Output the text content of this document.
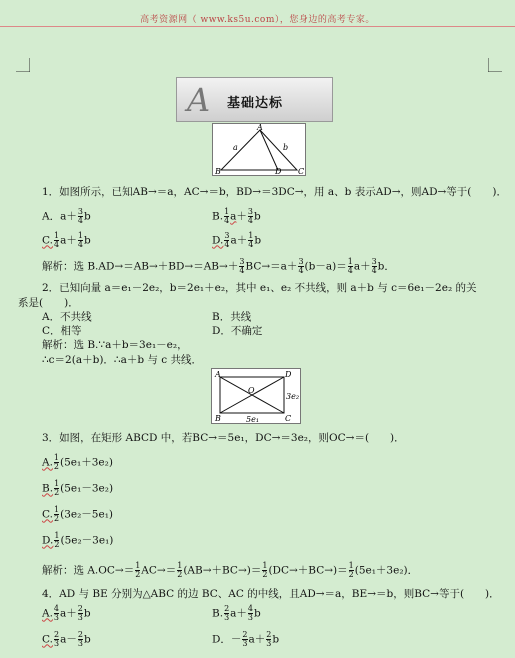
高考资源网（ www.ks5u.com），您身边的高考专家。
A 基础达标
A
B	C
D
a	b
1．如图所示，已知AB→＝a，AC→＝b，BD→＝3DC→，用 a、b 表示AD→，则AD→等于(　　)．
A．$a+ \frac{3}{4}$ b	B. $\frac{1}{4} a+ \frac{3}{4}$ b
C. $\frac{1}{4} a+ \frac{1}{4}$ b	D. $\frac{3}{4} a+ \frac{1}{4}$ b
解析：选 $B.AD\to=AB\to+BD\to=AB\to+ \frac{3}{4} BC\to=a+ \frac{3}{4} (b-a)= \frac{1}{4} a+ \frac{3}{4}$ b．
2．已知向量 a＝e₁－2e₂，b＝2e₁＋e₂，其中 e₁、e₂ 不共线，则 a＋b 与 c＝6e₁－2e₂ 的关
系是(　　)．
A．不共线	B．共线
C．相等	D．不确定
解析：选 B.∵a＋b＝3e₁－e₂，
∴c＝2(a＋b)．∴a＋b 与 c 共线．
A	D
B	C
O
3e₂
5e₁
3．如图，在矩形 ABCD 中，若BC→＝5e₁，DC→＝3e₂，则OC→＝(　　)．
A. $\frac{1}{2} (5e_1+3e_2)$
B. $\frac{1}{2} (5e_1-3e_2)$
C. $\frac{1}{2} (3e_2-5e_1)$
D. $\frac{1}{2} (5e_2-3e_1)$
解析：选 $A.OC\to= \frac{1}{2} AC\to= \frac{1}{2} (AB\to+BC\to)= \frac{1}{2} (DC\to+BC\to)= \frac{1}{2} (5e_1+3e_2)$．
4．AD 与 BE 分别为△ABC 的边 BC、AC 的中线，且AD→＝a，BE→＝b，则BC→等于(　　)．
A. $\frac{4}{3} a+ \frac{2}{3}$ b	B. $\frac{2}{3} a+ \frac{4}{3}$ b
C. $\frac{2}{3} a- \frac{2}{3}$ b	D．－ $\frac{2}{3} a+ \frac{2}{3}$ b
